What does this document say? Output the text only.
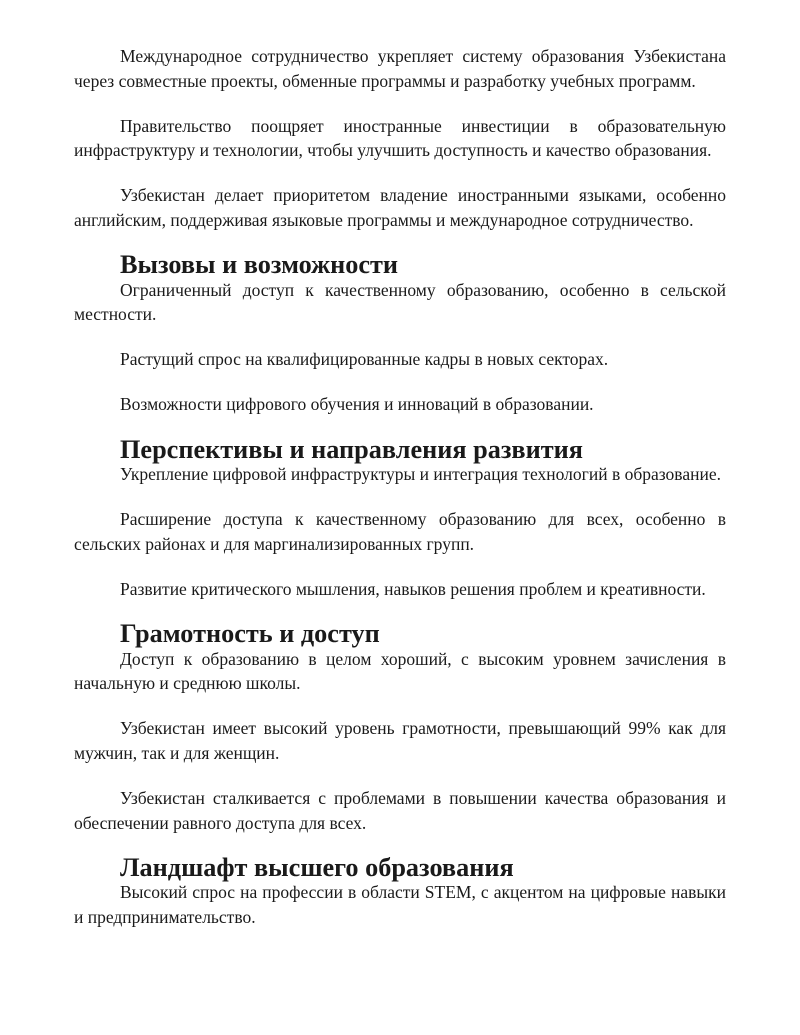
Международное сотрудничество укрепляет систему образования Узбекистана через совместные проекты, обменные программы и разработку учебных программ.

Правительство поощряет иностранные инвестиции в образовательную инфраструктуру и технологии, чтобы улучшить доступность и качество образования.

Узбекистан делает приоритетом владение иностранными языками, особенно английским, поддерживая языковые программы и международное сотрудничество.

Вызовы и возможности

Ограниченный доступ к качественному образованию, особенно в сельской местности.

Растущий спрос на квалифицированные кадры в новых секторах.

Возможности цифрового обучения и инноваций в образовании.

Перспективы и направления развития

Укрепление цифровой инфраструктуры и интеграция технологий в образование.

Расширение доступа к качественному образованию для всех, особенно в сельских районах и для маргинализированных групп.

Развитие критического мышления, навыков решения проблем и креативности.

Грамотность и доступ

Доступ к образованию в целом хороший, с высоким уровнем зачисления в начальную и среднюю школы.

Узбекистан имеет высокий уровень грамотности, превышающий 99% как для мужчин, так и для женщин.

Узбекистан сталкивается с проблемами в повышении качества образования и обеспечении равного доступа для всех.

Ландшафт высшего образования

Высокий спрос на профессии в области STEM, с акцентом на цифровые навыки и предпринимательство.
